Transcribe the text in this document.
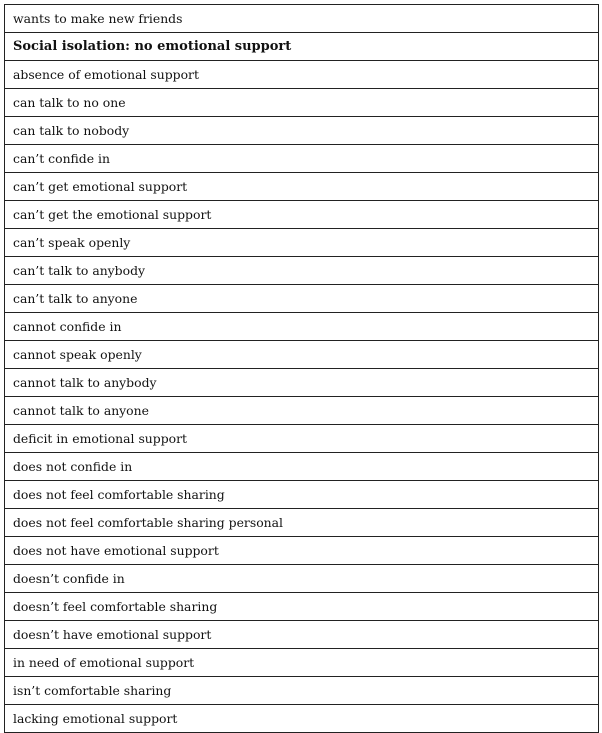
wants to make new friends
Social isolation: no emotional support
absence of emotional support
can talk to no one
can talk to nobody
can’t confide in
can’t get emotional support
can’t get the emotional support
can’t speak openly
can’t talk to anybody
can’t talk to anyone
cannot confide in
cannot speak openly
cannot talk to anybody
cannot talk to anyone
deficit in emotional support
does not confide in
does not feel comfortable sharing
does not feel comfortable sharing personal
does not have emotional support
doesn’t confide in
doesn’t feel comfortable sharing
doesn’t have emotional support
in need of emotional support
isn’t comfortable sharing
lacking emotional support
